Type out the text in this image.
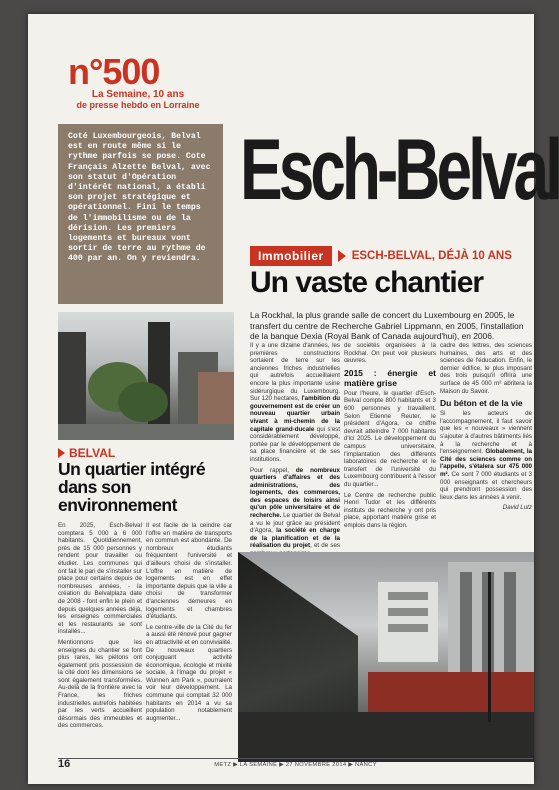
n°500
La Semaine, 10 ans
de presse hebdo en Lorraine
Coté Luxembourgeois, Belval est en route même si le rythme parfois se pose. Cote Français Alzette Belval, avec son statut d'Opération d'intérêt national, a établi son projet stratégique et opérationnel. Fini le temps de l'immobilisme ou de la dérision. Les premiers logements et bureaux vont sortir de terre au rythme de 400 par an. On y reviendra.
Esch-Belval
Immobilier	ESCH-BELVAL, DÉJÀ 10 ANS
Un vaste chantier
La Rockhal, la plus grande salle de concert du Luxembourg en 2005, le transfert du centre de Recherche Gabriel Lippmann, en 2005, l'installation de la banque Dexia (Royal Bank of Canada aujourd'hui), en 2006.
BELVAL
Un quartier intégré dans son environnement

En 2025, Esch-Belval comptera 5 000 à 6 000 habitants. Quotidiennement, près de 15 000 personnes y rendent pour travailler ou étudier. Les communes qui ont fait le pari de s'installer sur place pour certains depuis de nombreuses années, - la création du Belvalplaza date de 2008 - font enfin le plein et depuis quelques années déjà, les enseignes commerciales et les restaurants se sont installés...

Mentionnons que les enseignes du chantier se font plus rares, les piétons ont également pris possession de la cité dont les dimensions se sont également transformées. Au-delà de la frontière avec la France, les friches industrielles autrefois habitées par les verts accueillent désormais des immeubles et des commerces.

Il est facile de la ceindre car l'offre en matière de transports en commun est abondante. De nombreux étudiants fréquentent l'université et d'ailleurs choisi de s'installer. L'offre en matière de logements est en effet importante depuis que la ville a choisi de transformer d'anciennes demeures en logements et chambres d'étudiants.

Le centre-ville de la Cité du fer a aussi été rénové pour gagner en attractivité et en convivialité. De nouveaux quartiers conjuguant activité économique, écologie et mixité sociale, à l'image du projet « Wunnen am Park », pourraient voir leur développement. La commune qui comptait 32 000 habitants en 2014 a vu sa population notablement augmenter...

Il y a une dizaine d'années, les premières constructions sortaient de terre sur les anciennes friches industrielles qui autrefois accueillaient encore la plus importante usine sidérurgique du Luxembourg. Sur 120 hectares, l'ambition du gouvernement est de créer un nouveau quartier urbain vivant à mi-chemin de la capitale grand-ducale qui s'est considérablement développé, portée par le développement de sa place financière et de ses institutions.

Pour rappel, de nombreux quartiers d'affaires et des administrations, des logements, des commerces, des espaces de loisirs ainsi qu'un pôle universitaire et de recherche. Le quartier de Belval a vu le jour grâce au président d'Agora, la société en charge de la planification et de la réalisation du projet, et de ses

de sociétés organisées à la Rockhal. On peut voir plusieurs œuvres.

2015 : énergie et matière grise

Pour l'heure, le quartier d'Esch-Belval compte 800 habitants et 3 600 personnes y travaillent. Selon Etienne Reuter, le président d'Agora, ce chiffre devrait atteindre 7 000 habitants d'ici 2025. Le développement du campus universitaire, l'implantation des différents laboratoires de recherche et le transfert de l'université du Luxembourg contribuent à l'essor du quartier...

Le Centre de recherche public Henri Tudor et les différents instituts de recherche y ont pris place, apportant matière grise et emplois dans la région.

cadre des lettres, des sciences humaines, des arts et des sciences de l'éducation. Enfin, le dernier édifice, le plus imposant des trois puisqu'il offrira une surface de 45 000 m² abritera la Maison du Savoir.

Du béton et de la vie

Si les acteurs de l'accompagnement, il faut savoir que les « nouveaux » viennent s'ajouter à d'autres bâtiments liés à la recherche et à l'enseignement. Globalement, la Cité des sciences comme on l'appelle, s'étalera sur 475 000 m². Ce sont 7 000 étudiants et 3 000 enseignants et chercheurs qui prendront possession des lieux dans les années à venir.

David Lutz

METZ ▶ LA SEMAINE ▶ 27 NOVEMBRE 2014 ▶ NANCY
16
